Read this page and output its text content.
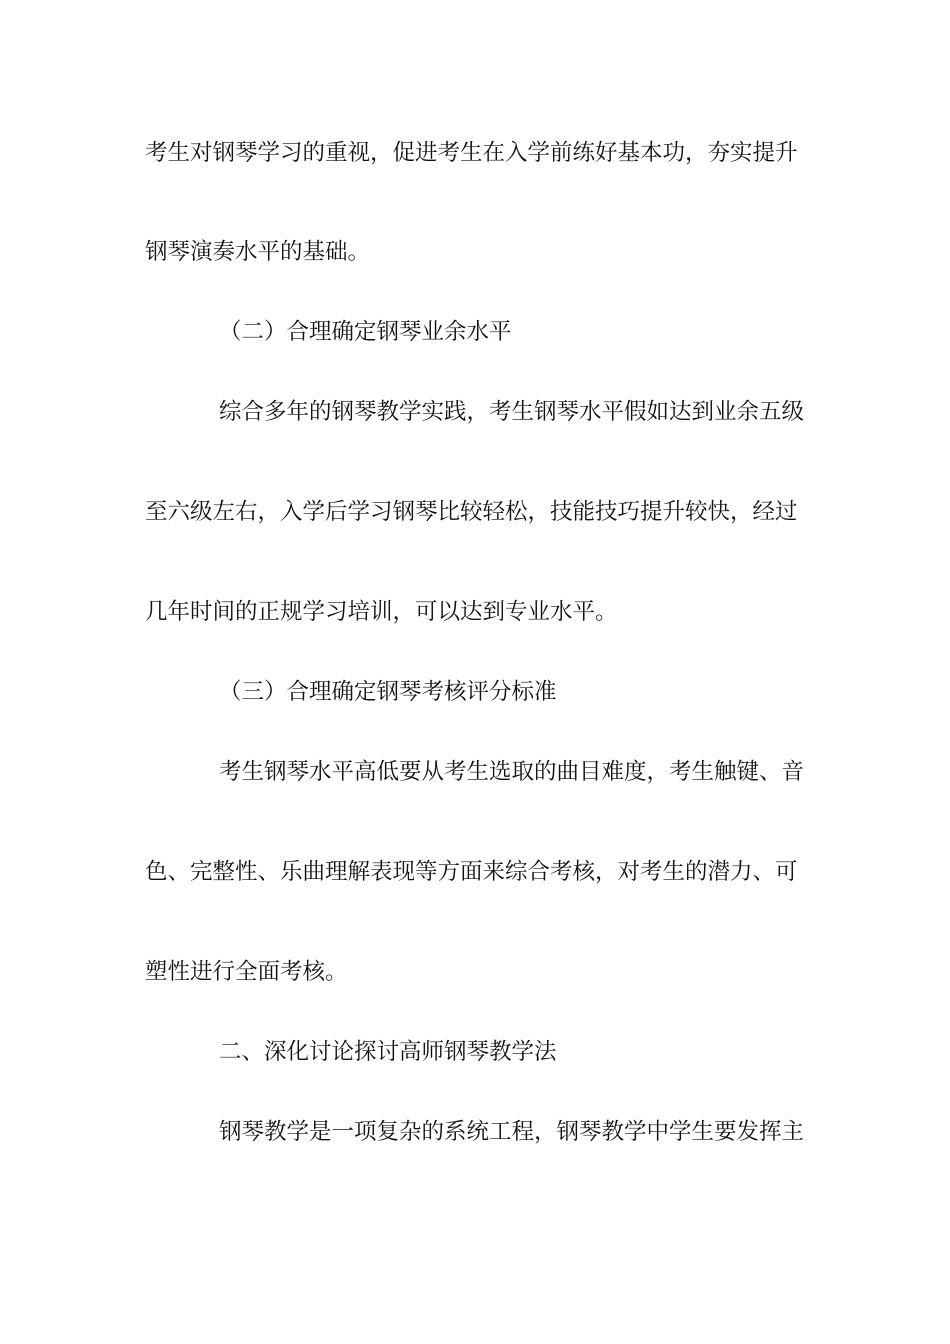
考生对钢琴学习的重视，促进考生在入学前练好基本功，夯实提升

钢琴演奏水平的基础。

（二）合理确定钢琴业余水平

综合多年的钢琴教学实践，考生钢琴水平假如达到业余五级

至六级左右，入学后学习钢琴比较轻松，技能技巧提升较快，经过

几年时间的正规学习培训，可以达到专业水平。

（三）合理确定钢琴考核评分标准

考生钢琴水平高低要从考生选取的曲目难度，考生触键、音

色、完整性、乐曲理解表现等方面来综合考核，对考生的潜力、可

塑性进行全面考核。

二、深化讨论探讨高师钢琴教学法

钢琴教学是一项复杂的系统工程，钢琴教学中学生要发挥主
